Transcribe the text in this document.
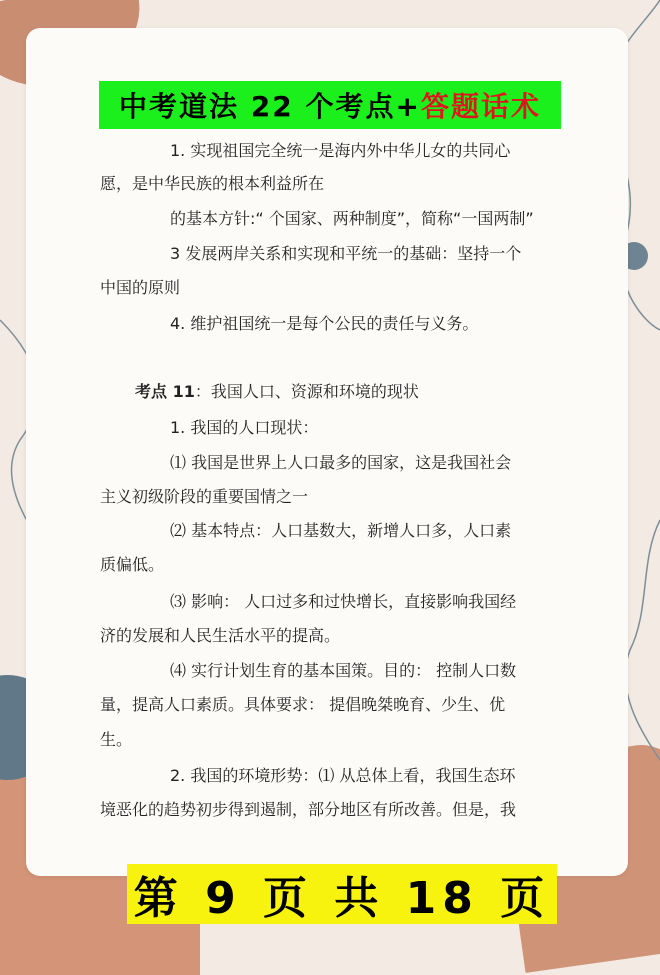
中考道法 22 个考点+ 答题话术
1. 实现祖国完全统一是海内外中华儿女的共同心
愿，是中华民族的根本利益所在
的基本方针:“ 个国家、两种制度”，简称“一国两制”
3 发展两岸关系和实现和平统一的基础：坚持一个
中国的原则
4. 维护祖国统一是每个公民的责任与义务。
考点 11：我国人口、资源和环境的现状
1. 我国的人口现状：
⑴ 我国是世界上人口最多的国家，这是我国社会
主义初级阶段的重要国情之一
⑵ 基本特点：人口基数大，新增人口多，人口素
质偏低。
⑶ 影响： 人口过多和过快增长，直接影响我国经
济的发展和人民生活水平的提高。
⑷ 实行计划生育的基本国策。目的： 控制人口数
量，提高人口素质。具体要求： 提倡晚桀晚育、少生、优
生。
2. 我国的环境形势：⑴ 从总体上看，我国生态环
境恶化的趋势初步得到遏制，部分地区有所改善。但是，我
第 9 页 共 18 页
